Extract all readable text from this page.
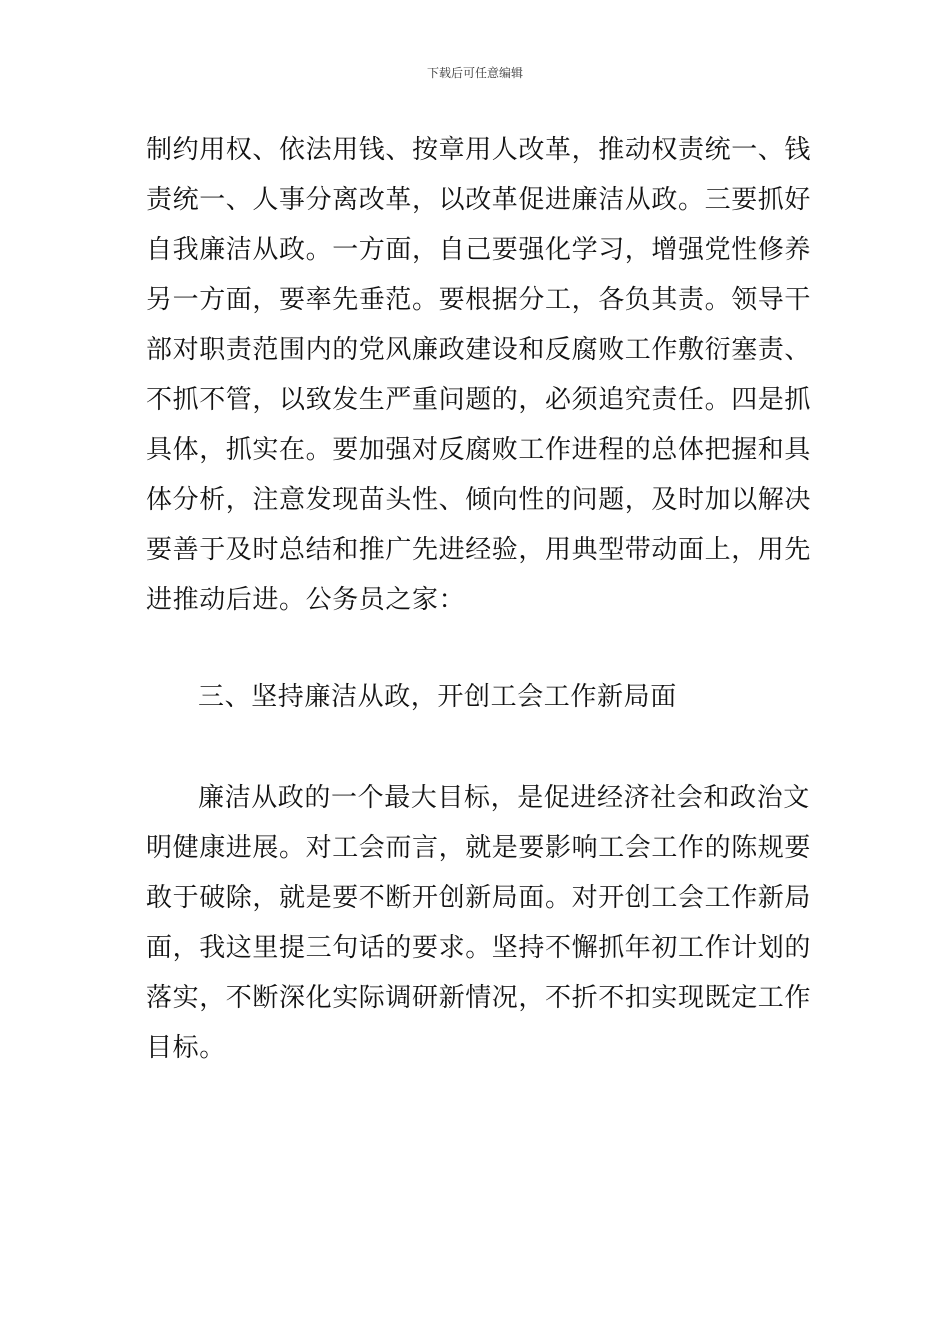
下载后可任意编辑
制约用权、依法用钱、按章用人改革，推动权责统一、钱
责统一、人事分离改革，以改革促进廉洁从政。三要抓好
自我廉洁从政。一方面，自己要强化学习，增强党性修养
另一方面，要率先垂范。要根据分工，各负其责。领导干
部对职责范围内的党风廉政建设和反腐败工作敷衍塞责、
不抓不管，以致发生严重问题的，必须追究责任。四是抓
具体，抓实在。要加强对反腐败工作进程的总体把握和具
体分析，注意发现苗头性、倾向性的问题，及时加以解决
要善于及时总结和推广先进经验，用典型带动面上，用先
进推动后进。公务员之家：
三、坚持廉洁从政，开创工会工作新局面
廉洁从政的一个最大目标，是促进经济社会和政治文
明健康进展。对工会而言，就是要影响工会工作的陈规要
敢于破除，就是要不断开创新局面。对开创工会工作新局
面，我这里提三句话的要求。坚持不懈抓年初工作计划的
落实，不断深化实际调研新情况，不折不扣实现既定工作
目标。
